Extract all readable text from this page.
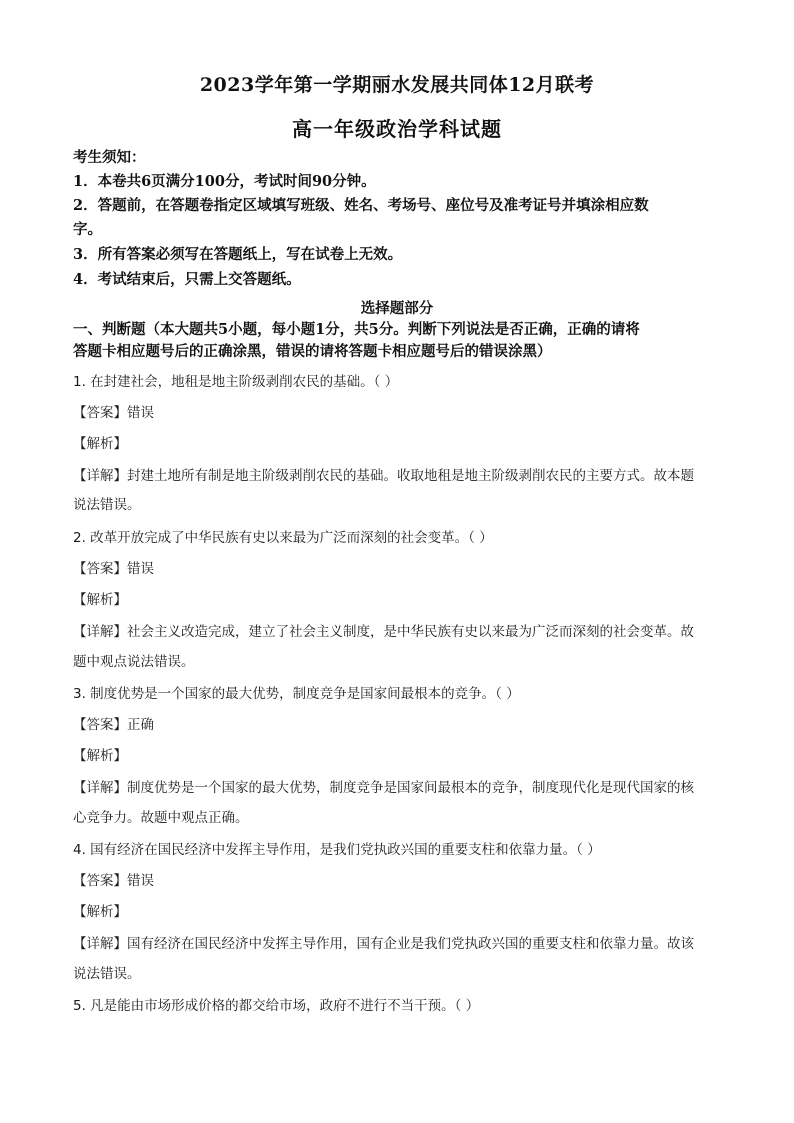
2023学年第一学期丽水发展共同体12月联考
高一年级政治学科试题
考生须知：
1．本卷共6页满分100分，考试时间90分钟。
2．答题前，在答题卷指定区域填写班级、姓名、考场号、座位号及准考证号并填涂相应数
字。
3．所有答案必须写在答题纸上，写在试卷上无效。
4．考试结束后，只需上交答题纸。
选择题部分
一、判断题（本大题共5小题，每小题1分，共5分。判断下列说法是否正确，正确的请将
答题卡相应题号后的正确涂黑，错误的请将答题卡相应题号后的错误涂黑）
1. 在封建社会，地租是地主阶级剥削农民的基础。（ ）
【答案】错误
【解析】
【详解】封建土地所有制是地主阶级剥削农民的基础。收取地租是地主阶级剥削农民的主要方式。故本题
说法错误。
2. 改革开放完成了中华民族有史以来最为广泛而深刻的社会变革。（ ）
【答案】错误
【解析】
【详解】社会主义改造完成，建立了社会主义制度，是中华民族有史以来最为广泛而深刻的社会变革。故
题中观点说法错误。
3. 制度优势是一个国家的最大优势，制度竞争是国家间最根本的竞争。（ ）
【答案】正确
【解析】
【详解】制度优势是一个国家的最大优势，制度竞争是国家间最根本的竞争，制度现代化是现代国家的核
心竞争力。故题中观点正确。
4. 国有经济在国民经济中发挥主导作用，是我们党执政兴国的重要支柱和依靠力量。（ ）
【答案】错误
【解析】
【详解】国有经济在国民经济中发挥主导作用，国有企业是我们党执政兴国的重要支柱和依靠力量。故该
说法错误。
5. 凡是能由市场形成价格的都交给市场，政府不进行不当干预。（ ）
